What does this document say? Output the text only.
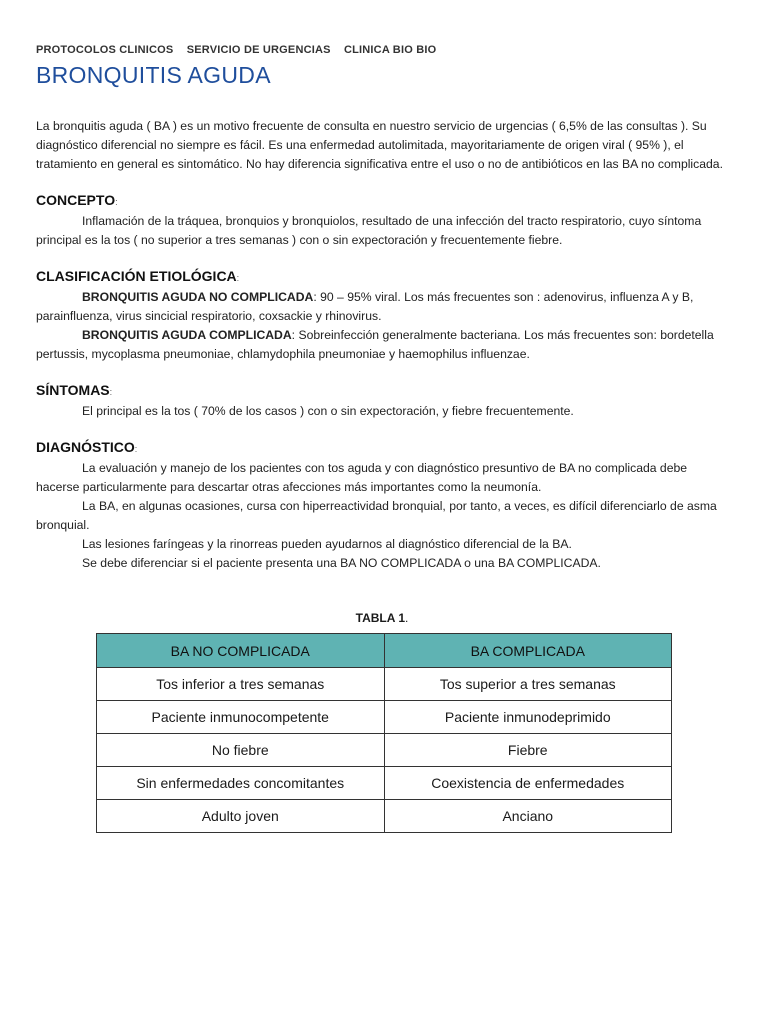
PROTOCOLOS CLINICOS SERVICIO DE URGENCIAS CLINICA BIO BIO
BRONQUITIS AGUDA
La bronquitis aguda ( BA ) es un motivo frecuente de consulta en nuestro servicio de urgencias ( 6,5% de las consultas ). Su diagnóstico diferencial no siempre es fácil. Es una enfermedad autolimitada, mayoritariamente de origen viral ( 95% ), el tratamiento en general es sintomático. No hay diferencia significativa entre el uso o no de antibióticos en las BA no complicada.
CONCEPTO:

Inflamación de la tráquea, bronquios y bronquiolos, resultado de una infección del tracto respiratorio, cuyo síntoma principal es la tos ( no superior a tres semanas ) con o sin expectoración y frecuentemente fiebre.

CLASIFICACIÓN ETIOLÓGICA:

BRONQUITIS AGUDA NO COMPLICADA: 90 – 95% viral. Los más frecuentes son : adenovirus, influenza A y B, parainfluenza, virus sincicial respiratorio, coxsackie y rhinovirus.

BRONQUITIS AGUDA COMPLICADA: Sobreinfección generalmente bacteriana. Los más frecuentes son: bordetella pertussis, mycoplasma pneumoniae, chlamydophila pneumoniae y haemophilus influenzae.

SÍNTOMAS:

El principal es la tos ( 70% de los casos ) con o sin expectoración, y fiebre frecuentemente.

DIAGNÓSTICO:

La evaluación y manejo de los pacientes con tos aguda y con diagnóstico presuntivo de BA no complicada debe hacerse particularmente para descartar otras afecciones más importantes como la neumonía.

La BA, en algunas ocasiones, cursa con hiperreactividad bronquial, por tanto, a veces, es difícil diferenciarlo de asma bronquial.

Las lesiones faríngeas y la rinorreas pueden ayudarnos al diagnóstico diferencial de la BA.

Se debe diferenciar si el paciente presenta una BA NO COMPLICADA o una BA COMPLICADA.

TABLA 1.
BA NO COMPLICADA	BA COMPLICADA
Tos inferior a tres semanas	Tos superior a tres semanas
Paciente inmunocompetente	Paciente inmunodeprimido
No fiebre	Fiebre
Sin enfermedades concomitantes	Coexistencia de enfermedades
Adulto joven	Anciano
